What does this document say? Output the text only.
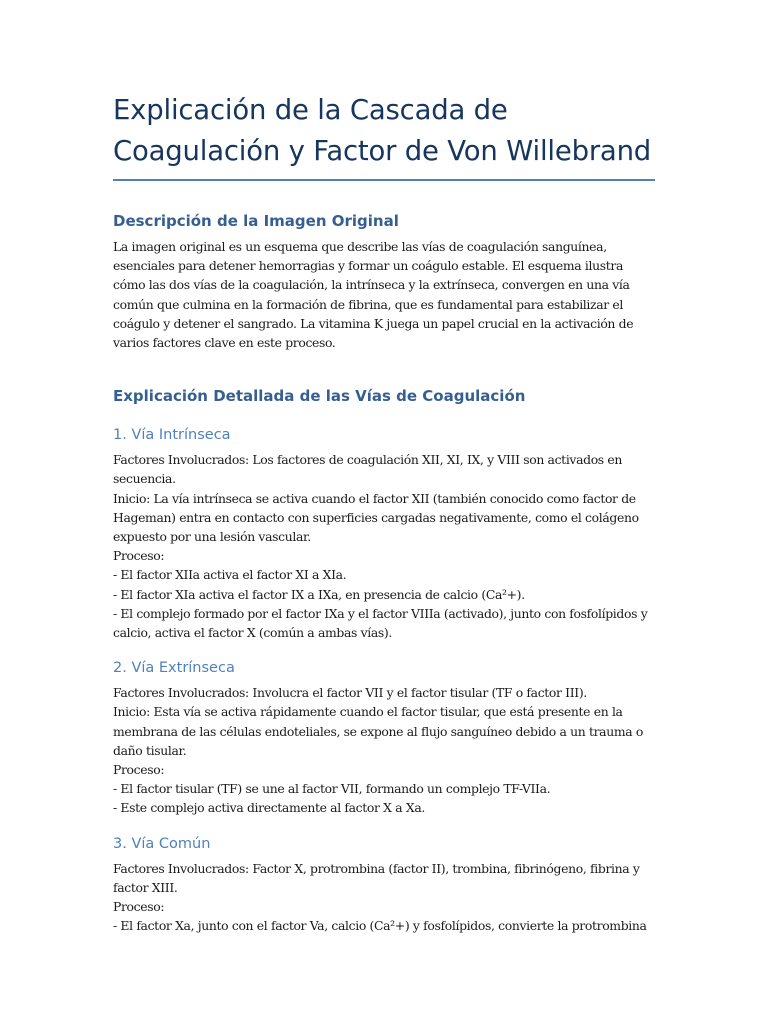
Explicación de la Cascada de Coagulación y Factor de Von Willebrand
Descripción de la Imagen Original

La imagen original es un esquema que describe las vías de coagulación sanguínea, esenciales para detener hemorragias y formar un coágulo estable. El esquema ilustra cómo las dos vías de la coagulación, la intrínseca y la extrínseca, convergen en una vía común que culmina en la formación de fibrina, que es fundamental para estabilizar el coágulo y detener el sangrado. La vitamina K juega un papel crucial en la activación de varios factores clave en este proceso.

Explicación Detallada de las Vías de Coagulación
1. Vía Intrínseca

Factores Involucrados: Los factores de coagulación XII, XI, IX, y VIII son activados en secuencia.

Inicio: La vía intrínseca se activa cuando el factor XII (también conocido como factor de Hageman) entra en contacto con superficies cargadas negativamente, como el colágeno expuesto por una lesión vascular.

Proceso:

- El factor XIIa activa el factor XI a XIa.

- El factor XIa activa el factor IX a IXa, en presencia de calcio (Ca²+).

- El complejo formado por el factor IXa y el factor VIIIa (activado), junto con fosfolípidos y calcio, activa el factor X (común a ambas vías).

2. Vía Extrínseca

Factores Involucrados: Involucra el factor VII y el factor tisular (TF o factor III).

Inicio: Esta vía se activa rápidamente cuando el factor tisular, que está presente en la membrana de las células endoteliales, se expone al flujo sanguíneo debido a un trauma o daño tisular.

Proceso:

- El factor tisular (TF) se une al factor VII, formando un complejo TF-VIIa.

- Este complejo activa directamente al factor X a Xa.

3. Vía Común

Factores Involucrados: Factor X, protrombina (factor II), trombina, fibrinógeno, fibrina y factor XIII.

Proceso:

- El factor Xa, junto con el factor Va, calcio (Ca²+) y fosfolípidos, convierte la protrombina
